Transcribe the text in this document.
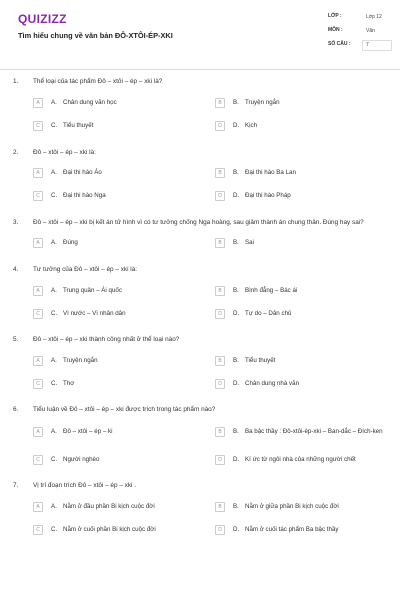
QUIZIZZ
Tìm hiểu chung về văn bản ĐÔ-XTÔI-ÉP-XKI
LỚP :	Lớp 12
MÔN :	Văn
SỐ CÂU :	7
1. Thể loại của tác phẩm Đô – xtôi – ép – xki là?
A	A. Chân dung văn học	B	B. Truyện ngắn
C	C. Tiểu thuyết	D	D. Kịch
2. Đô – xtôi – ép – xki là:
A	A. Đại thi hào Áo	B	B. Đại thi hào Ba Lan
C	C. Đại thi hào Nga	D	D. Đại thi hào Pháp
3. Đô – xtôi – ép – xki bị kết án tử hình vì có tư tưởng chống Nga hoàng, sau giảm thành án chung thân. Đúng hay sai?
A	A. Đúng	B	B. Sai
4. Tư tưởng của Đô – xtôi – ép – xki là:
A	A. Trung quân – Ái quốc	B	B. Bình đẳng – Bác ái
C	C. Vì nước – Vì nhân dân	D	D. Tự do – Dân chủ
5. Đô – xtôi – ép – xki thành công nhất ở thể loại nào?
A	A. Truyện ngắn	B	B. Tiểu thuyết
C	C. Thơ	D	D. Chân dung nhà văn
6. Tiểu luận về Đô – xtôi – ép – xki được trích trong tác phẩm nào?
A	A. Đô – xtôi – ép – ki	B	B. Ba bậc thầy : Đô-xtôi-ép-xki – Ban-dắc – Đích-ken
C	C. Người nghèo	D	D. Kí ức từ ngôi nhà của những người chết
7. Vị trí đoạn trích Đô – xtôi – ép – xki .
A	A. Nằm ở đầu phần Bi kịch cuộc đời	B	B. Nằm ở giữa phần Bi kịch cuộc đời
C	C. Nằm ở cuối phần Bi kịch cuộc đời	D	D. Nằm ở cuối tác phẩm Ba bậc thầy
